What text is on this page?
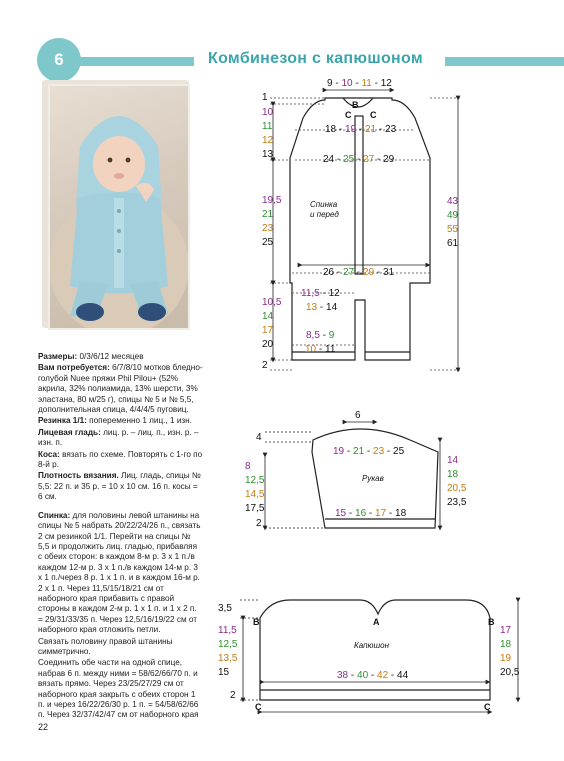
6	Комбинезон с капюшоном

Размеры: 0/3/6/12 месяцев

Вам потребуется: 6/7/8/10 мотков бледно-голубой Nuee пряжи Phil Pilou+ (52% акрила, 32% полиамида, 13% шерсти, 3% эластана, 80 м/25 г), спицы № 5 и № 5,5, дополнительная спица, 4/4/4/5 пуговиц.

Резинка 1/1: попеременно 1 лиц., 1 изн.

Лицевая гладь: лиц. р. – лиц. п., изн. р. – изн. п.

Коса: вязать по схеме. Повторять с 1-го по 8-й р.

Плотность вязания. Лиц. гладь, спицы № 5,5: 22 п. и 35 р. = 10 х 10 см. 16 п. косы = 6 см.

Спинка: для половины левой штанины на спицы № 5 набрать 20/22/24/26 п., связать 2 см резинкой 1/1. Перейти на спицы № 5,5 и продолжить лиц. гладью, прибавляя с обеих сторон: в каждом 8-м р. 3 х 1 п./в каждом 12-м р. 3 х 1 п./в каждом 14-м р. 3 х 1 п./через 8 р. 1 х 1 п. и в каждом 16-м р. 2 х 1 п. Через 11,5/15/18/21 см от наборного края прибавить с правой стороны в каждом 2-м р. 1 х 1 п. и 1 х 2 п. = 29/31/33/35 п. Через 12,5/16/19/22 см от наборного края отложить петли.

Связать половину правой штанины симметрично.

Соединить обе части на одной спице, набрав 6 п. между ними = 58/62/66/70 п. и вязать прямо. Через 23/25/27/29 см от наборного края закрыть с обеих сторон 1 п. и через 16/22/26/30 р. 1 п. = 54/58/62/66 п. Через 32/37/42/47 см от наборного края

22
9 - 10 - 11 - 12
1
B
C C
18 - 19 - 21 - 23
10
11
12
13	24 - 25 - 27 - 29
19,5
21
23
25
Спинка
и перед
43
49
55
61
26 - 27 - 29 - 31
11,5 - 12
13 - 14
10,5
14
17
20
8,5 - 9
10 - 11
2
6
4
19 - 21 - 23 - 25
Рукав
8
12,5
14,5
17,5
14
18
20,5
23,5
15 - 16 - 17 - 18
2
3,5
A
B	B
11,5
12,5
13,5
15
17
18
19
20,5
Капюшон
38 - 40 - 42 - 44
2
C	C
